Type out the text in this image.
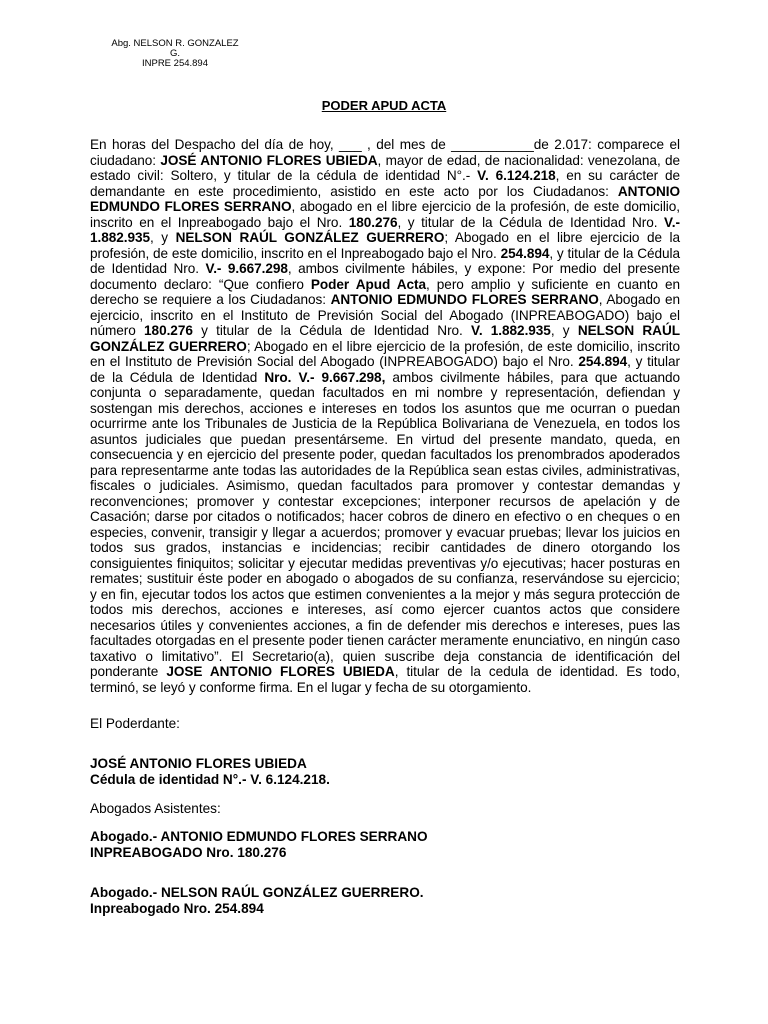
Abg. NELSON R. GONZALEZ
G.
INPRE 254.894
PODER APUD ACTA
En horas del Despacho del día de hoy, ___ , del mes de ___________de 2.017: comparece el ciudadano: JOSÉ ANTONIO FLORES UBIEDA, mayor de edad, de nacionalidad: venezolana, de estado civil: Soltero, y titular de la cédula de identidad N°.- V. 6.124.218, en su carácter de demandante en este procedimiento, asistido en este acto por los Ciudadanos: ANTONIO EDMUNDO FLORES SERRANO, abogado en el libre ejercicio de la profesión, de este domicilio, inscrito en el Inpreabogado bajo el Nro. 180.276, y titular de la Cédula de Identidad Nro. V.- 1.882.935, y NELSON RAÚL GONZÁLEZ GUERRERO; Abogado en el libre ejercicio de la profesión, de este domicilio, inscrito en el Inpreabogado bajo el Nro. 254.894, y titular de la Cédula de Identidad Nro. V.- 9.667.298, ambos civilmente hábiles, y expone: Por medio del presente documento declaro: “Que confiero Poder Apud Acta, pero amplio y suficiente en cuanto en derecho se requiere a los Ciudadanos: ANTONIO EDMUNDO FLORES SERRANO, Abogado en ejercicio, inscrito en el Instituto de Previsión Social del Abogado (INPREABOGADO) bajo el número 180.276 y titular de la Cédula de Identidad Nro. V. 1.882.935, y NELSON RAÚL GONZÁLEZ GUERRERO; Abogado en el libre ejercicio de la profesión, de este domicilio, inscrito en el Instituto de Previsión Social del Abogado (INPREABOGADO) bajo el Nro. 254.894, y titular de la Cédula de Identidad Nro. V.- 9.667.298, ambos civilmente hábiles, para que actuando conjunta o separadamente, quedan facultados en mi nombre y representación, defiendan y sostengan mis derechos, acciones e intereses en todos los asuntos que me ocurran o puedan ocurrirme ante los Tribunales de Justicia de la República Bolivariana de Venezuela, en todos los asuntos judiciales que puedan presentárseme. En virtud del presente mandato, queda, en consecuencia y en ejercicio del presente poder, quedan facultados los prenombrados apoderados para representarme ante todas las autoridades de la República sean estas civiles, administrativas, fiscales o judiciales. Asimismo, quedan facultados para promover y contestar demandas y reconvenciones; promover y contestar excepciones; interponer recursos de apelación y de Casación; darse por citados o notificados; hacer cobros de dinero en efectivo o en cheques o en especies, convenir, transigir y llegar a acuerdos; promover y evacuar pruebas; llevar los juicios en todos sus grados, instancias e incidencias; recibir cantidades de dinero otorgando los consiguientes finiquitos; solicitar y ejecutar medidas preventivas y/o ejecutivas; hacer posturas en remates; sustituir éste poder en abogado o abogados de su confianza, reservándose su ejercicio; y en fin, ejecutar todos los actos que estimen convenientes a la mejor y más segura protección de todos mis derechos, acciones e intereses, así como ejercer cuantos actos que considere necesarios útiles y convenientes acciones, a fin de defender mis derechos e intereses, pues las facultades otorgadas en el presente poder tienen carácter meramente enunciativo, en ningún caso taxativo o limitativo”. El Secretario(a), quien suscribe deja constancia de identificación del ponderante JOSE ANTONIO FLORES UBIEDA, titular de la cedula de identidad. Es todo, terminó, se leyó y conforme firma. En el lugar y fecha de su otorgamiento.
El Poderdante:
JOSÉ ANTONIO FLORES UBIEDA
Cédula de identidad N°.- V. 6.124.218.
Abogados Asistentes:
Abogado.- ANTONIO EDMUNDO FLORES SERRANO
INPREABOGADO Nro. 180.276
Abogado.- NELSON RAÚL GONZÁLEZ GUERRERO.
Inpreabogado Nro. 254.894
